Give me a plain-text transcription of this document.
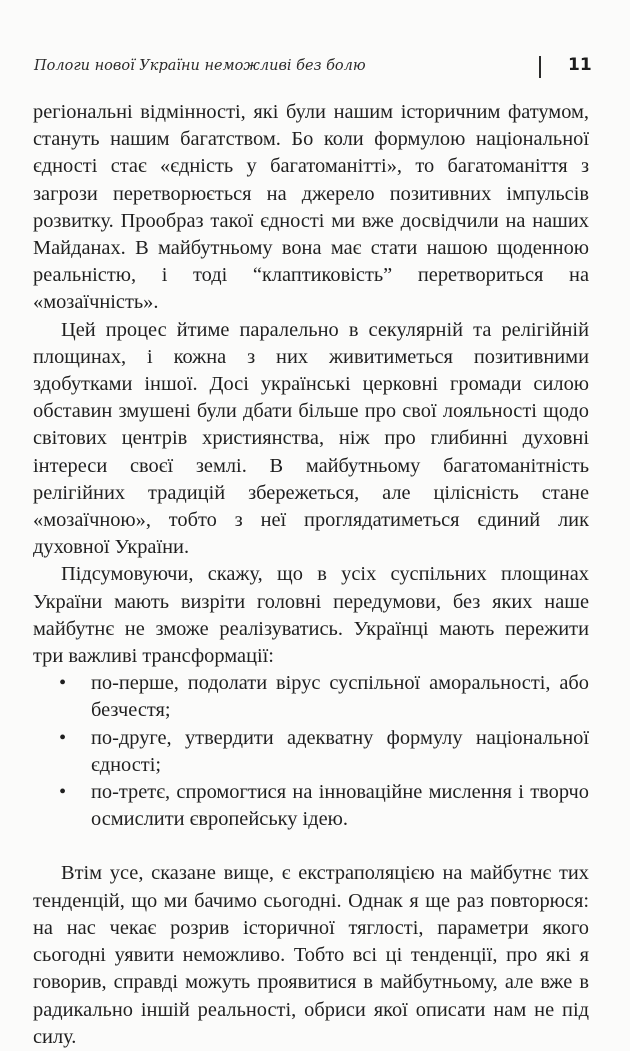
Пологи нової України неможливі без болю	11

регіональні відмінності, які були нашим історичним фатумом, стануть нашим багатством. Бо коли формулою національної єдності стає «єдність у багатоманітті», то багатоманіття з загрози перетворюється на джерело позитивних імпульсів розвитку. Прообраз такої єдності ми вже досвідчили на наших Майданах. В майбутньому вона має стати нашою щоденною реальністю, і тоді “клаптиковість” перетвориться на «мозаїчність».

Цей процес йтиме паралельно в секулярній та релігійній площинах, і кожна з них живитиметься позитивними здобутками іншої. Досі українські церковні громади силою обставин змушені були дбати більше про свої лояльності щодо світових центрів християнства, ніж про глибинні духовні інтереси своєї землі. В майбутньому багатоманітність релігійних традицій збережеться, але цілісність стане «мозаїчною», тобто з неї проглядатиметься єдиний лик духовної України.

Підсумовуючи, скажу, що в усіх суспільних площинах України мають визріти головні передумови, без яких наше майбутнє не зможе реалізуватись. Українці мають пережити три важливі трансформації:

• по-перше, подолати вірус суспільної аморальності, або безчестя;
• по-друге, утвердити адекватну формулу національної єдності;
• по-третє, спромогтися на інноваційне мислення і творчо осмислити європейську ідею.

Втім усе, сказане вище, є екстраполяцією на майбутнє тих тенденцій, що ми бачимо сьогодні. Однак я ще раз повторюся: на нас чекає розрив історичної тяглості, параметри якого сьогодні уявити неможливо. Тобто всі ці тенденції, про які я говорив, справді можуть проявитися в майбутньому, але вже в радикально іншій реальності, обриси якої описати нам не під силу.
